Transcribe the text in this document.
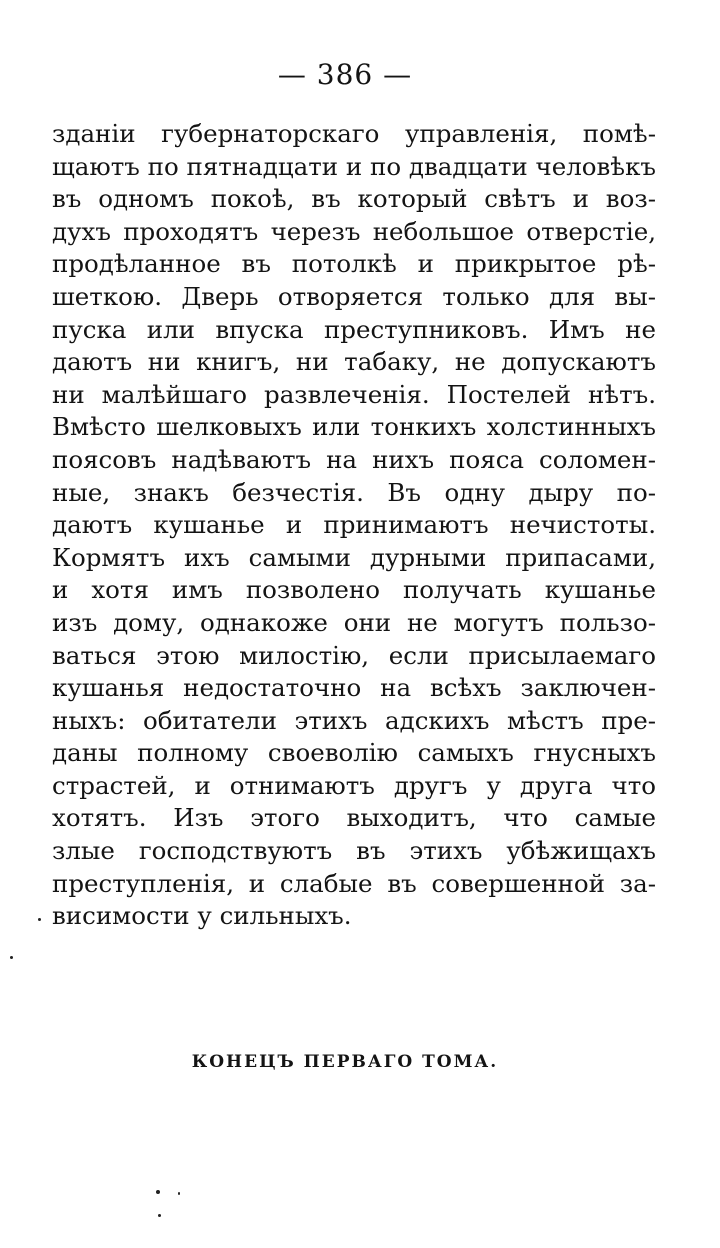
— 386 —
зданіи губернаторскаго управленія, помѣ-
щаютъ по пятнадцати и по двадцати человѣкъ
въ одномъ покоѣ, въ который свѣтъ и воз-
духъ проходятъ черезъ небольшое отверстіе,
продѣланное въ потолкѣ и прикрытое рѣ-
шеткою. Дверь отворяется только для вы-
пуска или впуска преступниковъ. Имъ не
даютъ ни книгъ, ни табаку, не допускаютъ
ни малѣйшаго развлеченія. Постелей нѣтъ.
Вмѣсто шелковыхъ или тонкихъ холстинныхъ
поясовъ надѣваютъ на нихъ пояса соломен-
ные, знакъ безчестія. Въ одну дыру по-
даютъ кушанье и принимаютъ нечистоты.
Кормятъ ихъ самыми дурными припасами,
и хотя имъ позволено получать кушанье
изъ дому, однакоже они не могутъ пользо-
ваться этою милостію, если присылаемаго
кушанья недостаточно на всѣхъ заключен-
ныхъ: обитатели этихъ адскихъ мѣстъ пре-
даны полному своеволію самыхъ гнусныхъ
страстей, и отнимаютъ другъ у друга что
хотятъ. Изъ этого выходитъ, что самые
злые господствуютъ въ этихъ убѣжищахъ
преступленія, и слабые въ совершенной за-
висимости у сильныхъ.
КОНЕЦЪ ПЕРВАГО ТОМА.
